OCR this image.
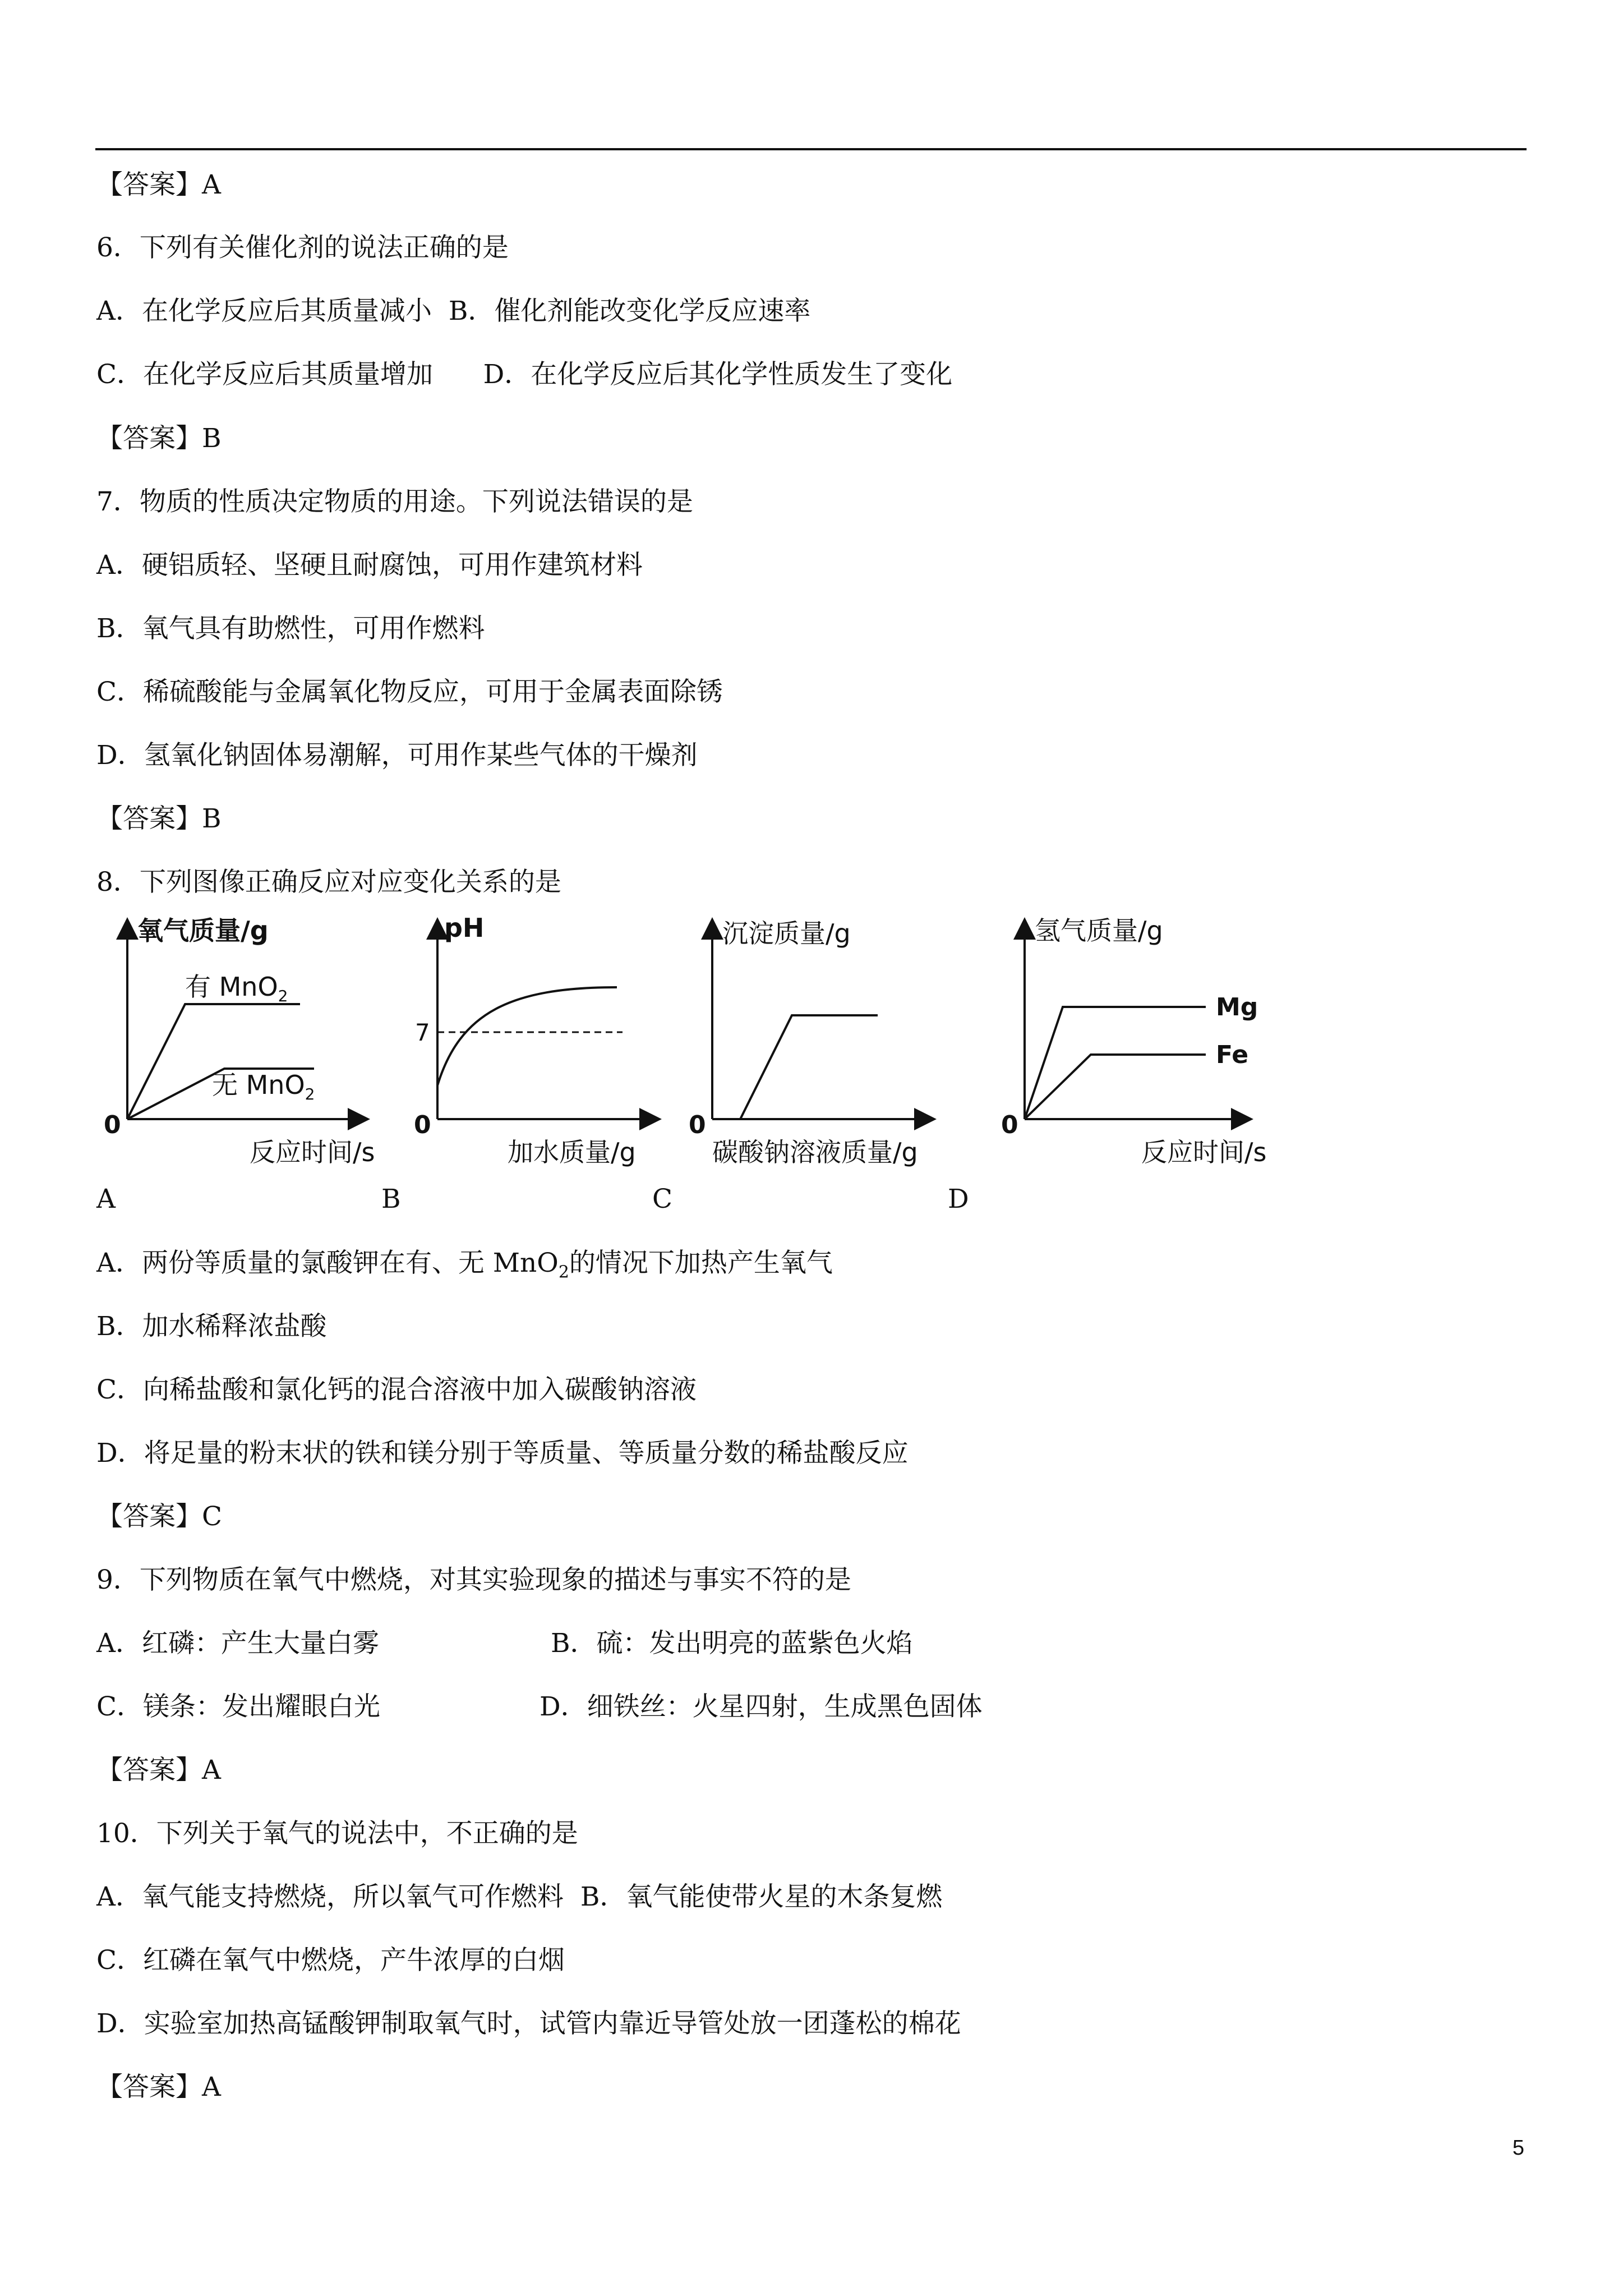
【答案】A
6．下列有关催化剂的说法正确的是
A．在化学反应后其质量减小 B．催化剂能改变化学反应速率
C．在化学反应后其质量增加 D．在化学反应后其化学性质发生了变化
【答案】B
7．物质的性质决定物质的用途。下列说法错误的是
A．硬铝质轻、坚硬且耐腐蚀，可用作建筑材料
B．氧气具有助燃性，可用作燃料
C．稀硫酸能与金属氧化物反应，可用于金属表面除锈
D．氢氧化钠固体易潮解，可用作某些气体的干燥剂
【答案】B
8．下列图像正确反应对应变化关系的是
氧气质量/g
有 MnO$_2$
无 MnO$_2$
0
反应时间/s
pH
7
0
加水质量/g
沉淀质量/g
0
碳酸钠溶液质量/g
氢气质量/g
Mg
Fe
0
反应时间/s
A	B	C	D
A．两份等质量的氯酸钾在有、无 MnO$_2$的情况下加热产生氧气
B．加水稀释浓盐酸
C．向稀盐酸和氯化钙的混合溶液中加入碳酸钠溶液
D．将足量的粉末状的铁和镁分别于等质量、等质量分数的稀盐酸反应
【答案】C
9．下列物质在氧气中燃烧，对其实验现象的描述与事实不符的是
A．红磷：产生大量白雾	B．硫：发出明亮的蓝紫色火焰
C．镁条：发出耀眼白光	D．细铁丝：火星四射，生成黑色固体
【答案】A
10．下列关于氧气的说法中，不正确的是
A．氧气能支持燃烧，所以氧气可作燃料 B．氧气能使带火星的木条复燃
C．红磷在氧气中燃烧，产牛浓厚的白烟
D．实验室加热高锰酸钾制取氧气时，试管内靠近导管处放一团蓬松的棉花
【答案】A
5
